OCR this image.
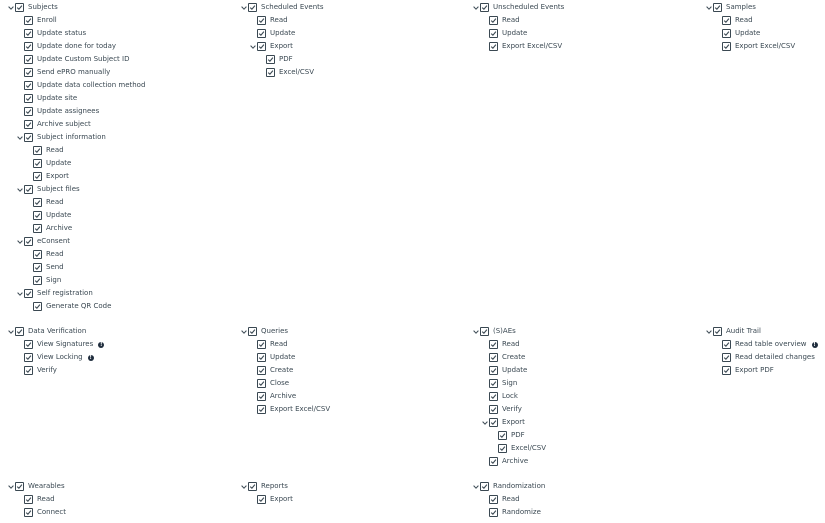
Subjects
Enroll
Update status
Update done for today
Update Custom Subject ID
Send ePRO manually
Update data collection method
Update site
Update assignees
Archive subject
Subject information
Read
Update
Export
Subject files
Read
Update
Archive
eConsent
Read
Send
Sign
Self registration
Generate QR Code
Scheduled Events
Read
Update
Export
PDF
Excel/CSV
Unscheduled Events
Read
Update
Export Excel/CSV
Samples
Read
Update
Export Excel/CSV
Data Verification
View Signatures	!
View Locking	!
Verify
Queries
Read
Update
Create
Close
Archive
Export Excel/CSV
(S)AEs
Read
Create
Update
Sign
Lock
Verify
Export
PDF
Excel/CSV
Archive
Audit Trail
Read table overview	!
Read detailed changes
Export PDF
Wearables
Read
Connect
Reports
Export
Randomization
Read
Randomize
